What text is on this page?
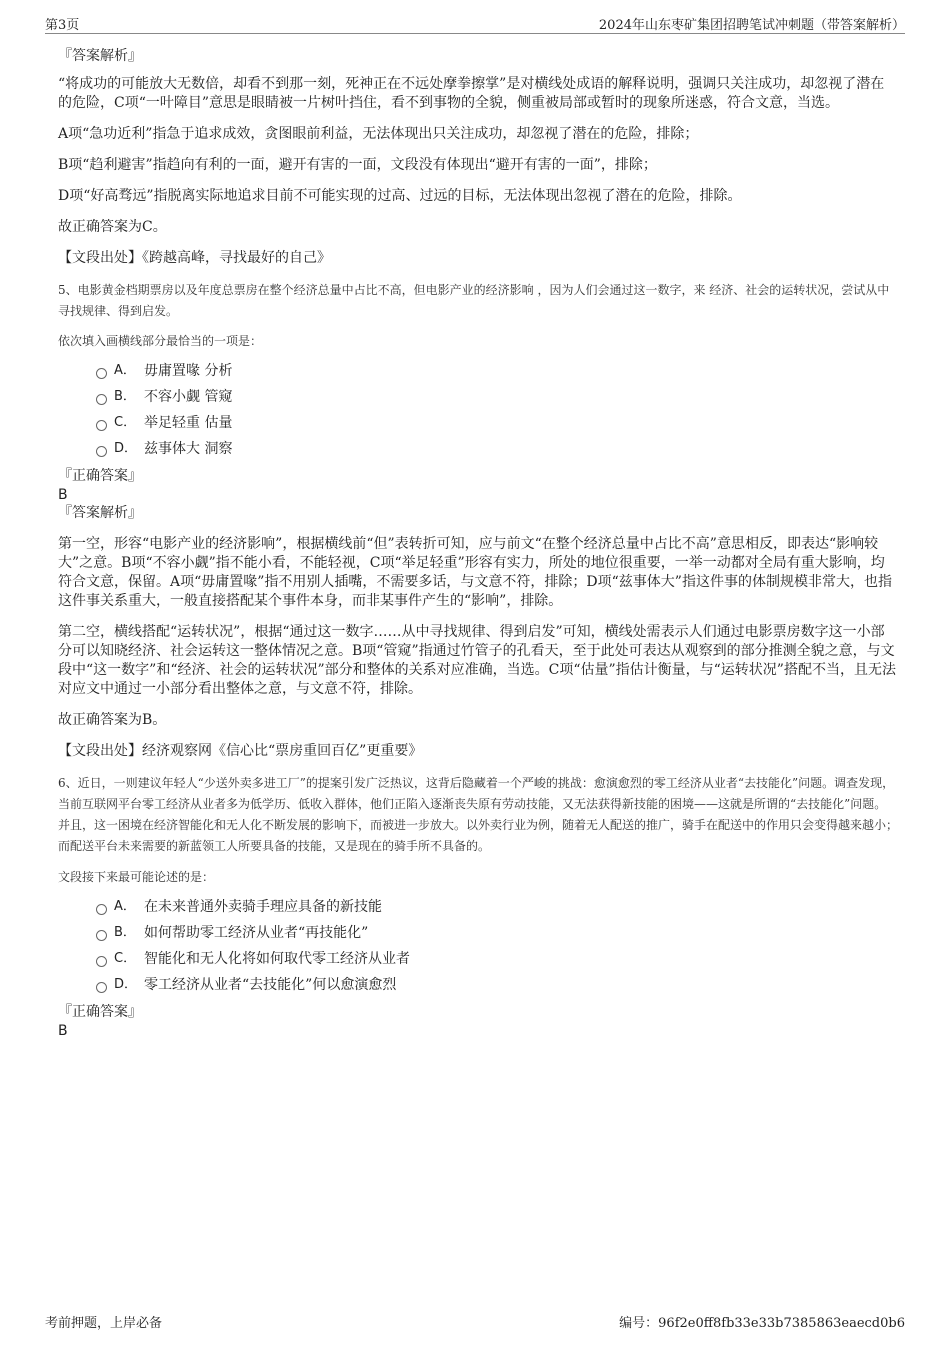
第3页	2024年山东枣矿集团招聘笔试冲刺题（带答案解析）

『答案解析』

“将成功的可能放大无数倍，却看不到那一刻，死神正在不远处摩拳擦掌”是对横线处成语的解释说明，强调只关注成功，却忽视了潜在的危险，C项“一叶障目”意思是眼睛被一片树叶挡住，看不到事物的全貌，侧重被局部或暂时的现象所迷惑，符合文意，当选。

A项“急功近利”指急于追求成效，贪图眼前利益，无法体现出只关注成功，却忽视了潜在的危险，排除；

B项“趋利避害”指趋向有利的一面，避开有害的一面，文段没有体现出“避开有害的一面”，排除；

D项“好高骛远”指脱离实际地追求目前不可能实现的过高、过远的目标，无法体现出忽视了潜在的危险，排除。

故正确答案为C。

【文段出处】《跨越高峰，寻找最好的自己》

5、电影黄金档期票房以及年度总票房在整个经济总量中占比不高，但电影产业的经济影响 ，因为人们会通过这一数字，来 经济、社会的运转状况，尝试从中寻找规律、得到启发。

依次填入画横线部分最恰当的一项是：

A． 毋庸置喙 分析
B． 不容小觑 管窥
C． 举足轻重 估量
D． 兹事体大 洞察

『正确答案』

B

『答案解析』

第一空，形容“电影产业的经济影响”，根据横线前“但”表转折可知，应与前文“在整个经济总量中占比不高”意思相反，即表达“影响较大”之意。B项“不容小觑”指不能小看，不能轻视，C项“举足轻重”形容有实力，所处的地位很重要，一举一动都对全局有重大影响，均符合文意，保留。A项“毋庸置喙”指不用别人插嘴，不需要多话，与文意不符，排除；D项“兹事体大”指这件事的体制规模非常大，也指这件事关系重大，一般直接搭配某个事件本身，而非某事件产生的“影响”，排除。

第二空，横线搭配“运转状况”，根据“通过这一数字……从中寻找规律、得到启发”可知，横线处需表示人们通过电影票房数字这一小部分可以知晓经济、社会运转这一整体情况之意。B项“管窥”指通过竹管子的孔看天，至于此处可表达从观察到的部分推测全貌之意，与文段中“这一数字”和“经济、社会的运转状况”部分和整体的关系对应准确，当选。C项“估量”指估计衡量，与“运转状况”搭配不当，且无法对应文中通过一小部分看出整体之意，与文意不符，排除。

故正确答案为B。

【文段出处】经济观察网《信心比“票房重回百亿”更重要》

6、近日，一则建议年轻人“少送外卖多进工厂”的提案引发广泛热议，这背后隐藏着一个严峻的挑战：愈演愈烈的零工经济从业者“去技能化”问题。调查发现，当前互联网平台零工经济从业者多为低学历、低收入群体，他们正陷入逐渐丧失原有劳动技能，又无法获得新技能的困境——这就是所谓的“去技能化”问题。并且，这一困境在经济智能化和无人化不断发展的影响下，而被进一步放大。以外卖行业为例，随着无人配送的推广，骑手在配送中的作用只会变得越来越小；而配送平台未来需要的新蓝领工人所要具备的技能，又是现在的骑手所不具备的。

文段接下来最可能论述的是：

A． 在未来普通外卖骑手理应具备的新技能
B． 如何帮助零工经济从业者“再技能化”
C． 智能化和无人化将如何取代零工经济从业者
D． 零工经济从业者“去技能化”何以愈演愈烈

『正确答案』

B

考前押题，上岸必备	编号：96f2e0ff8fb33e33b7385863eaecd0b6
